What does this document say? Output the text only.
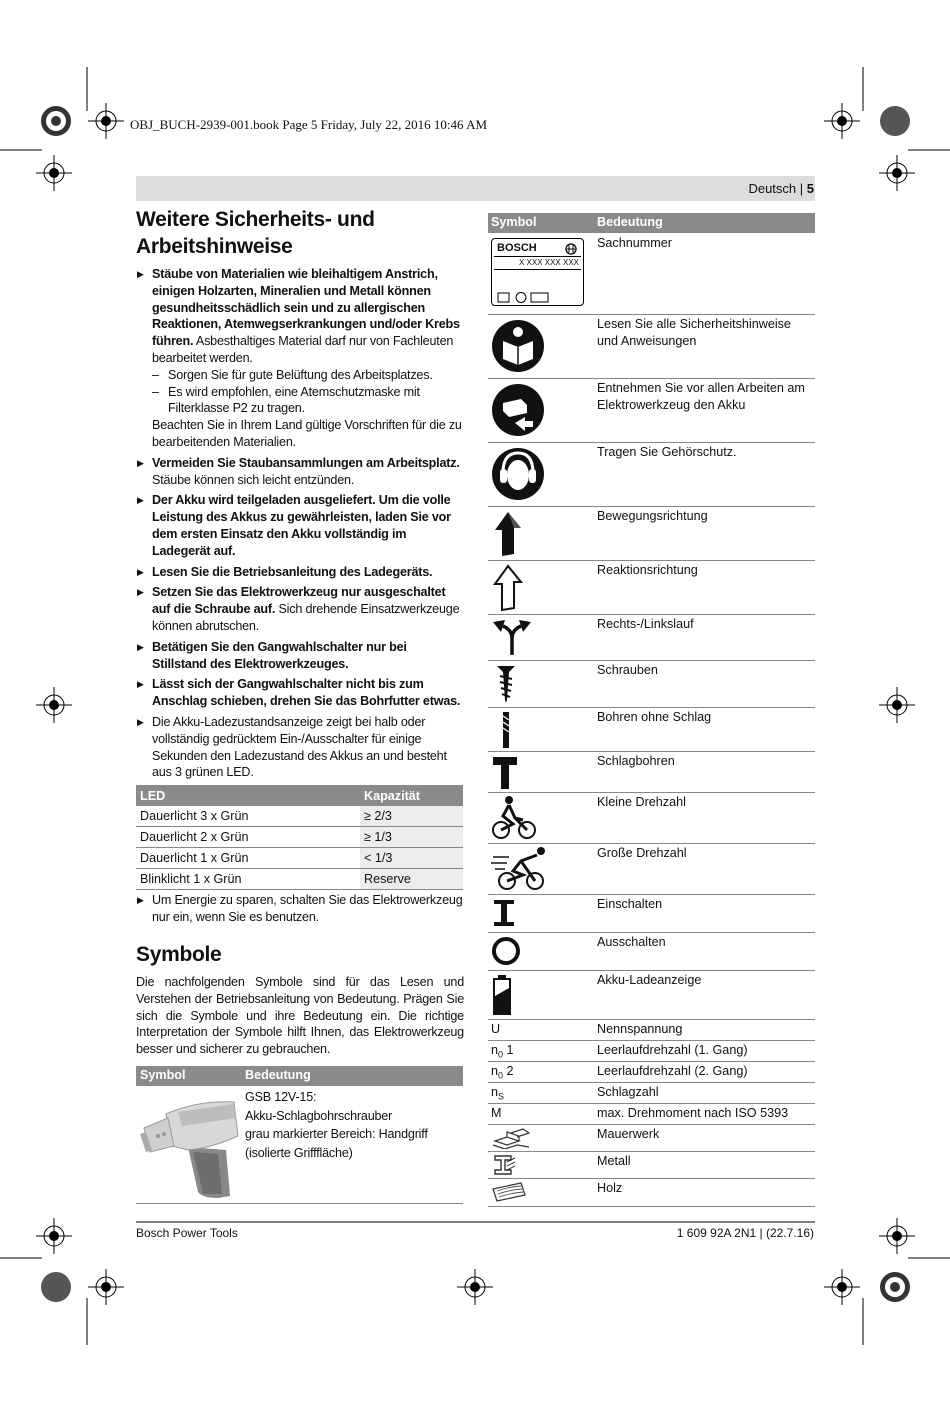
OBJ_BUCH-2939-001.book Page 5 Friday, July 22, 2016 10:46 AM
Deutsch | 5
Weitere Sicherheits- und
Arbeitshinweise
▶ Stäube von Materialien wie bleihaltigem Anstrich, einigen Holzarten, Mineralien und Metall können gesundheitsschädlich sein und zu allergischen Reaktionen, Atemwegserkrankungen und/oder Krebs führen. Asbesthaltiges Material darf nur von Fachleuten bearbeitet werden.
– Sorgen Sie für gute Belüftung des Arbeitsplatzes.
– Es wird empfohlen, eine Atemschutzmaske mit Filterklasse P2 zu tragen.
Beachten Sie in Ihrem Land gültige Vorschriften für die zu bearbeitenden Materialien.
▶ Vermeiden Sie Staubansammlungen am Arbeitsplatz. Stäube können sich leicht entzünden.
▶ Der Akku wird teilgeladen ausgeliefert. Um die volle Leistung des Akkus zu gewährleisten, laden Sie vor dem ersten Einsatz den Akku vollständig im Ladegerät auf.
▶ Lesen Sie die Betriebsanleitung des Ladegeräts.
▶ Setzen Sie das Elektrowerkzeug nur ausgeschaltet auf die Schraube auf. Sich drehende Einsatzwerkzeuge können abrutschen.
▶ Betätigen Sie den Gangwahlschalter nur bei Stillstand des Elektrowerkzeuges.
▶ Lässt sich der Gangwahlschalter nicht bis zum Anschlag schieben, drehen Sie das Bohrfutter etwas.
▶ Die Akku-Ladezustandsanzeige zeigt bei halb oder vollständig gedrücktem Ein-/Ausschalter für einige Sekunden den Ladezustand des Akkus an und besteht aus 3 grünen LED.
LED	Kapazität
Dauerlicht 3 x Grün	≥ 2/3
Dauerlicht 2 x Grün	≥ 1/3
Dauerlicht 1 x Grün	< 1/3
Blinklicht 1 x Grün	Reserve
▶ Um Energie zu sparen, schalten Sie das Elektrowerkzeug nur ein, wenn Sie es benutzen.
Symbole
Die nachfolgenden Symbole sind für das Lesen und Verstehen der Betriebsanleitung von Bedeutung. Prägen Sie sich die Symbole und ihre Bedeutung ein. Die richtige Interpretation der Symbole hilft Ihnen, das Elektrowerkzeug besser und sicherer zu gebrauchen.
Symbol	Bedeutung
GSB 12V-15:
Akku-Schlagbohrschrauber
grau markierter Bereich: Handgriff
(isolierte Grifffläche)
Symbol	Bedeutung
BOSCH
X XXX XXX XXX
Sachnummer
Lesen Sie alle Sicherheitshinweise und Anweisungen
Entnehmen Sie vor allen Arbeiten am Elektrowerkzeug den Akku
Tragen Sie Gehörschutz.
Bewegungsrichtung
Reaktionsrichtung
Rechts-/Linkslauf
Schrauben
Bohren ohne Schlag
Schlagbohren
Kleine Drehzahl
Große Drehzahl
Einschalten
Ausschalten
Akku-Ladeanzeige
U	Nennspannung
$n_0$ 1	Leerlaufdrehzahl (1. Gang)
$n_0$ 2	Leerlaufdrehzahl (2. Gang)
$n_S$	Schlagzahl
M	max. Drehmoment nach ISO 5393
Mauerwerk
Metall
Holz
Bosch Power Tools	1 609 92A 2N1 | (22.7.16)
